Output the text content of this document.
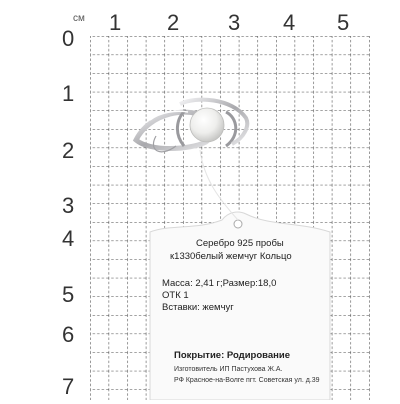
см 1 2 3 4 5
0
1
2
3
4
5
6
7
Серебро 925 пробы
к1330белый жемчуг Кольцо
Масса: 2,41 г;Размер:18,0
ОТК 1
Вставки: жемчуг
Покрытие: Родирование
Изготовитель ИП Пастухова Ж.А.
РФ Красное-на-Волге пгт. Советская ул. д.39
